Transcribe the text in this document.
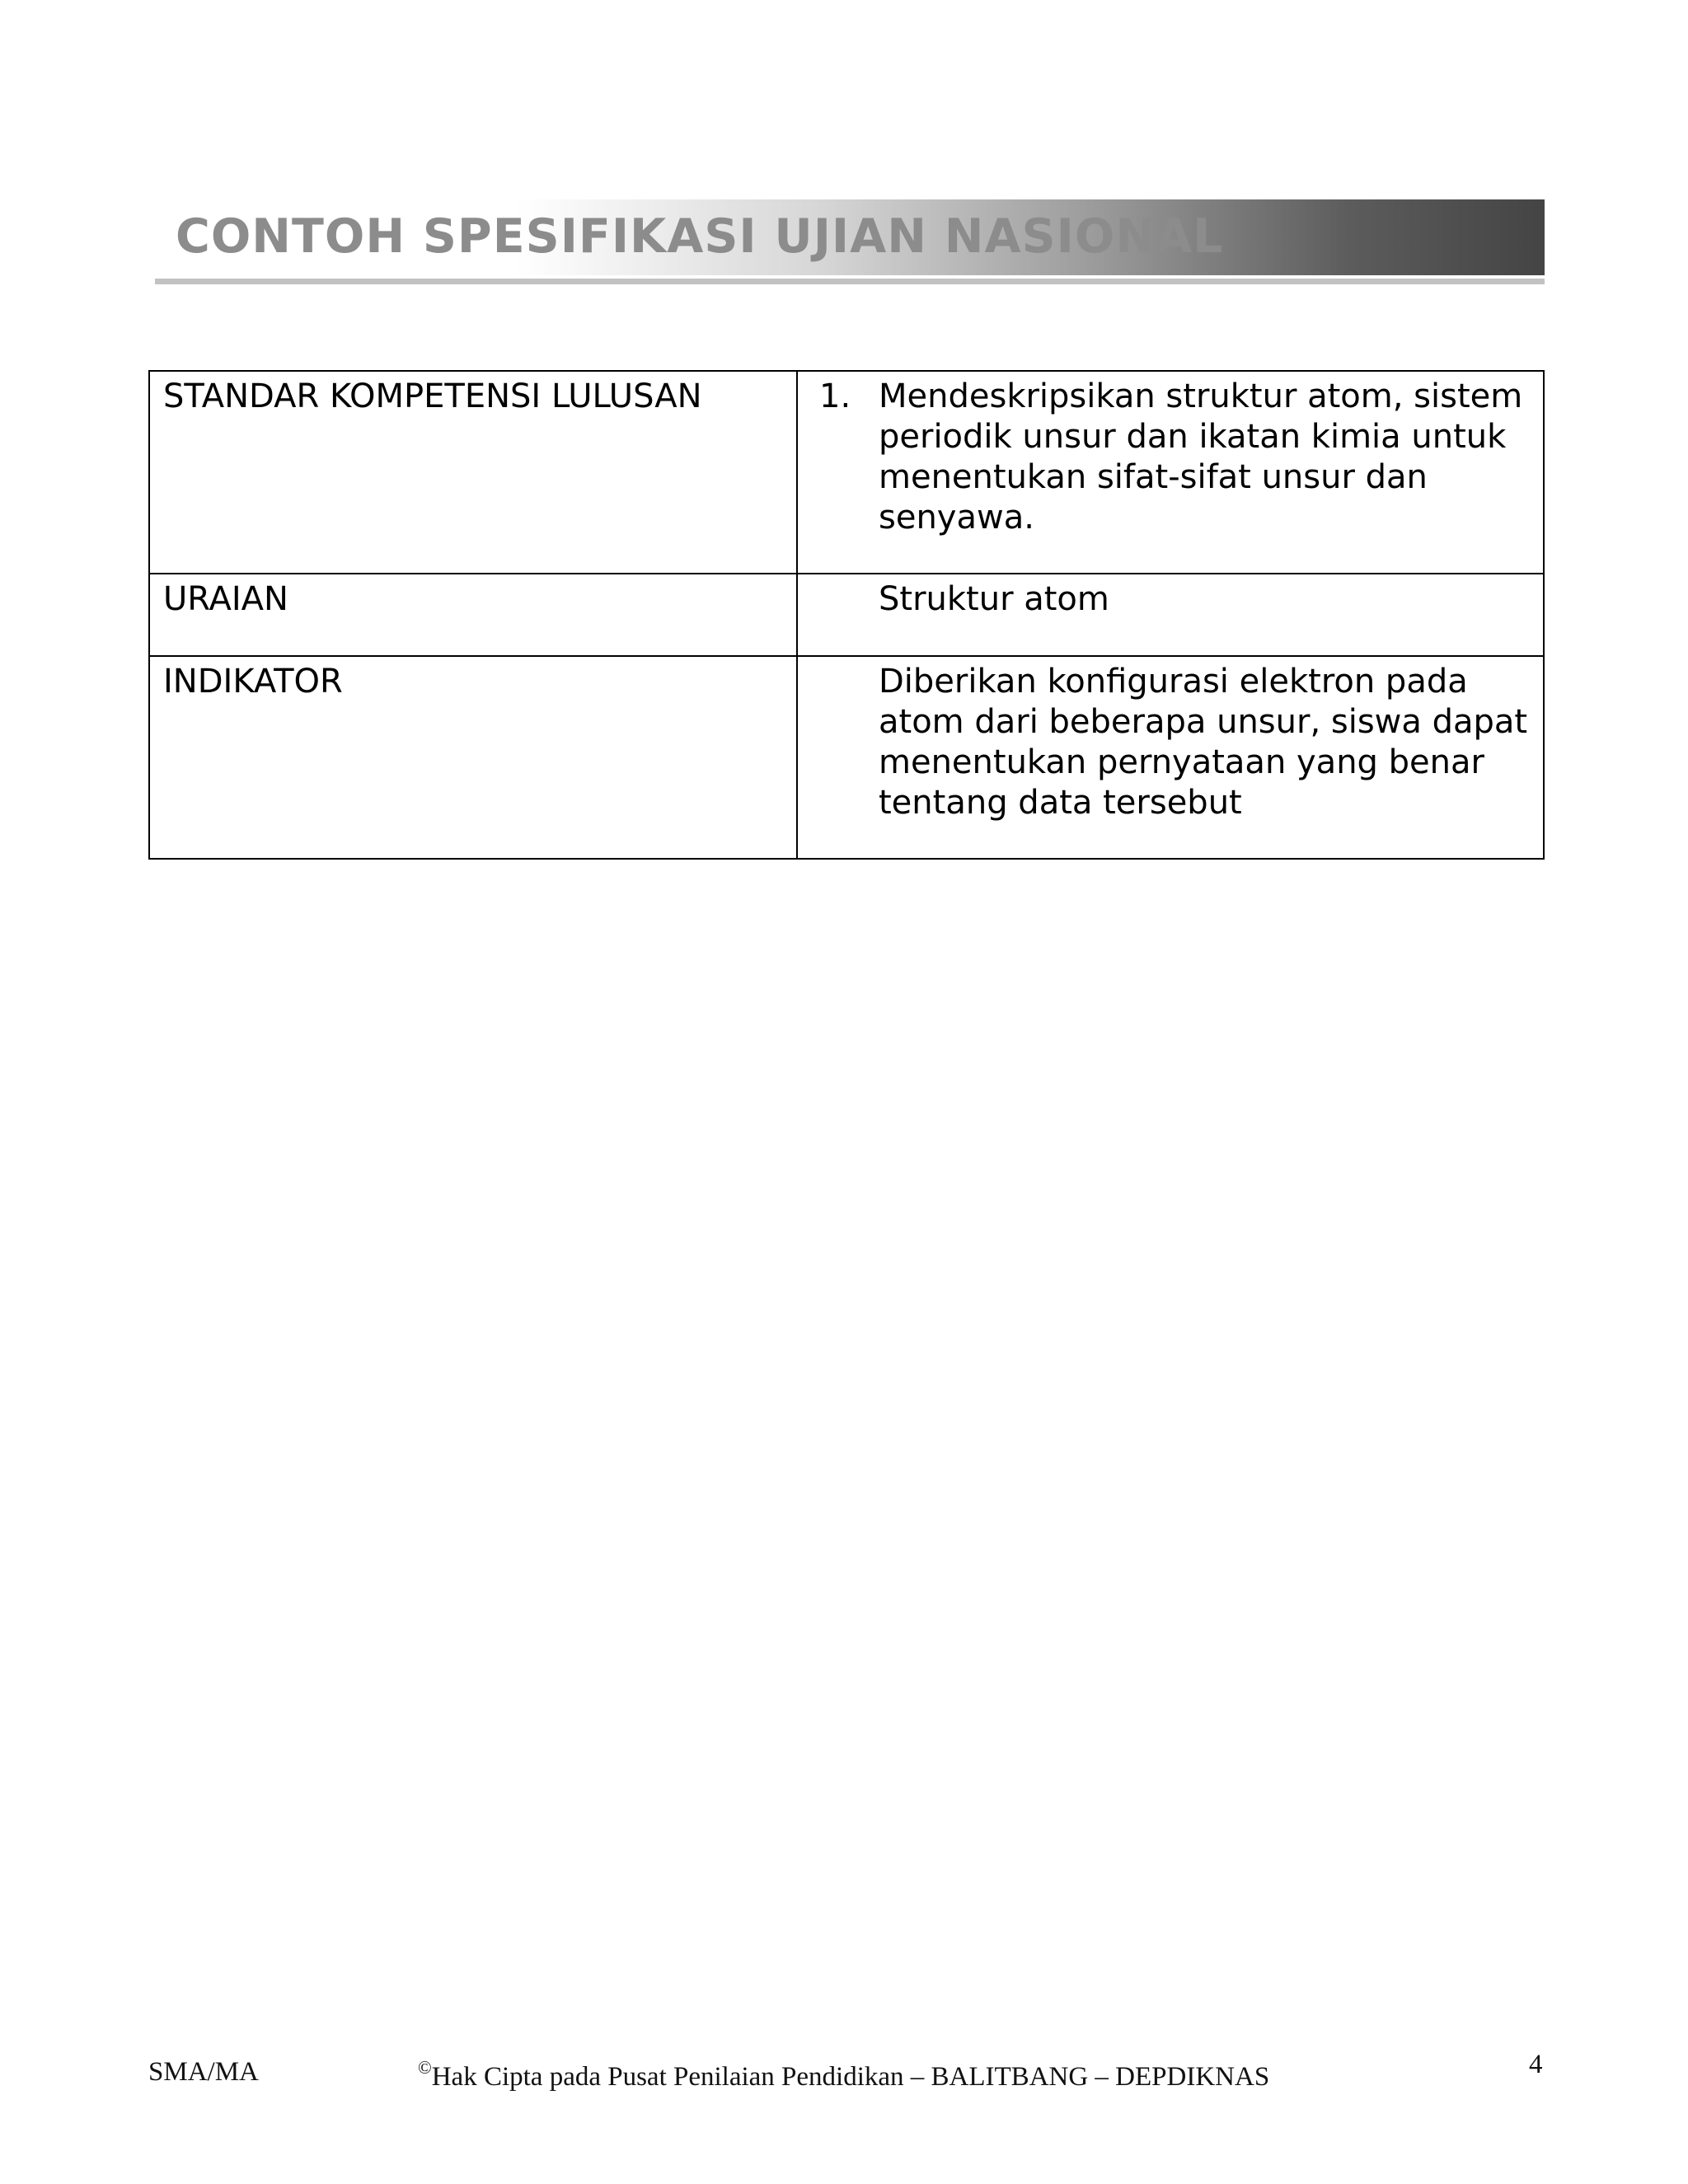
CONTOH SPESIFIKASI UJIAN NASIONAL
STANDAR KOMPETENSI LULUSAN	1. Mendeskripsikan struktur atom, sistem periodik unsur dan ikatan kimia untuk menentukan sifat-sifat unsur dan senyawa.

URAIAN	Struktur atom

INDIKATOR	Diberikan konfigurasi elektron pada atom dari beberapa unsur, siswa dapat menentukan pernyataan yang benar tentang data tersebut
SMA/MA	©Hak Cipta pada Pusat Penilaian Pendidikan – BALITBANG – DEPDIKNAS	4
